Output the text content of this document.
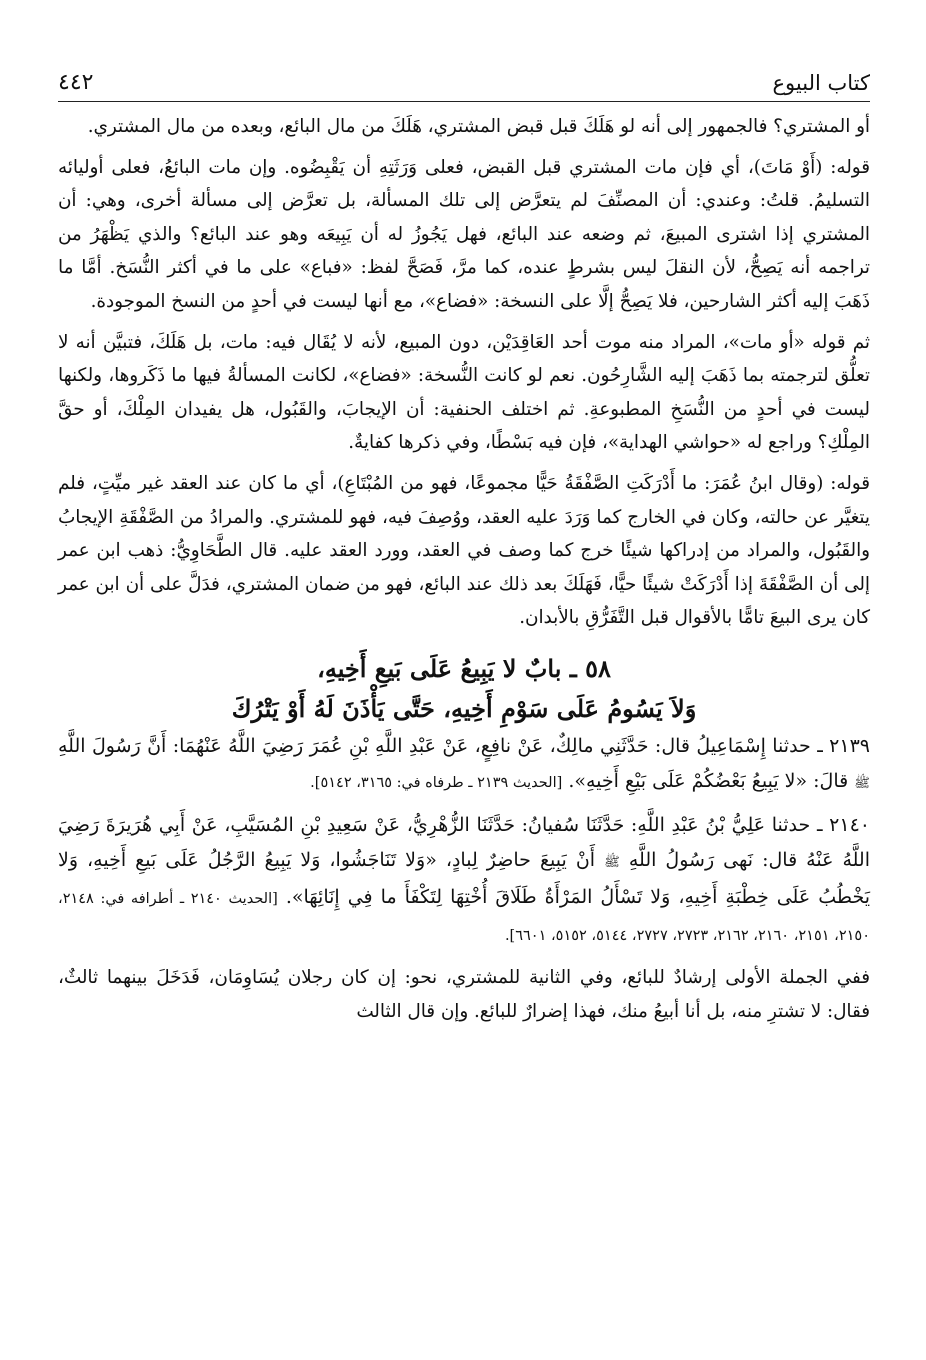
٤٤٢	كتاب البيوع

أو المشتري؟ فالجمهور إلى أنه لو هَلَكَ قبل قبض المشتري، هَلَكَ من مال البائع، وبعده من مال المشتري.

قوله: (أَوْ مَاتَ)، أي فإن مات المشتري قبل القبض، فعلى وَرَثَتِهِ أن يَقْبِضُوه. وإن مات البائعُ، فعلى أوليائه التسليمُ. قلتُ: وعندي: أن المصنِّفَ لم يتعرَّض إلى تلك المسألة، بل تعرَّض إلى مسألة أخرى، وهي: أن المشتري إذا اشترى المبيعَ، ثم وضعه عند البائع، فهل يَجُوزُ له أن يَبِيعَه وهو عند البائع؟ والذي يَظْهَرُ من تراجمه أنه يَصِحُّ، لأن النقلَ ليس بشرطٍ عنده، كما مرَّ، فَصَحَّ لفظ: «فباع» على ما في أكثر النُّسَخ. أمَّا ما ذَهَبَ إليه أكثر الشارحين، فلا يَصِحُّ إلَّا على النسخة: «فضاع»، مع أنها ليست في أحدٍ من النسخ الموجودة.

ثم قوله «أو مات»، المراد منه موت أحد العَاقِدَيْن، دون المبيع، لأنه لا يُقَال فيه: مات، بل هَلَكَ، فتبيَّن أنه لا تعلُّق لترجمته بما ذَهَبَ إليه الشَّارِحُون. نعم لو كانت النُّسخة: «فضاع»، لكانت المسألةُ فيها ما ذَكَروها، ولكنها ليست في أحدٍ من النُّسَخِ المطبوعةِ. ثم اختلف الحنفية: أن الإيجابَ، والقَبُول، هل يفيدان المِلْكَ، أو حقَّ المِلْكِ؟ وراجع له «حواشي الهداية»، فإن فيه بَسْطًا، وفي ذكرها كفايةٌ.

قوله: (وقال ابنُ عُمَرَ: ما أَدْرَكَتِ الصَّفْقَةُ حَيًّا مجموعًا، فهو من المُبْتَاعِ)، أي ما كان عند العقد غير ميِّتٍ، فلم يتغيَّر عن حالته، وكان في الخارج كما وَرَدَ عليه العقد، ووُصِفَ فيه، فهو للمشتري. والمرادُ من الصَّفْقَةِ الإيجابُ والقَبُول، والمراد من إدراكها شيئًا خرج كما وصف في العقد، وورد العقد عليه. قال الطَّحَاوِيُّ: ذهب ابن عمر إلى أن الصَّفْقَةَ إذا أَدْرَكَتْ شيئًا حيًّا، فَهَلَكَ بعد ذلك عند البائع، فهو من ضمان المشتري، فدَلَّ على أن ابن عمر كان يرى البيعَ تامًّا بالأقوال قبل التَّفَرُّقِ بالأبدان.

٥٨ ـ بابٌ لا يَبِيعُ عَلَى بَيعِ أَخِيهِ،
وَلاَ يَسُومُ عَلَى سَوْمِ أَخِيهِ، حَتَّى يَأْذَنَ لَهُ أَوْ يَتْرُكَ

٢١٣٩ ـ حدثنا إِسْمَاعِيلُ قال: حَدَّثَنِي مالِكٌ، عَنْ نافِعٍ، عَنْ عَبْدِ اللَّهِ بْنِ عُمَرَ رَضِيَ اللَّهُ عَنْهُمَا: أَنَّ رَسُولَ اللَّهِ ﷺ قالَ: «لا يَبِيعُ بَعْضُكُمْ عَلَى بَيْعِ أَخِيهِ». [الحديث ٢١٣٩ ـ طرفاه في: ٣١٦٥، ٥١٤٢].

٢١٤٠ ـ حدثنا عَلِيُّ بْنُ عَبْدِ اللَّهِ: حَدَّثَنَا سُفيانُ: حَدَّثَنَا الزُّهْرِيُّ، عَنْ سَعِيدِ بْنِ المُسَيَّبِ، عَنْ أَبِي هُرَيرَةَ رَضِيَ اللَّهُ عَنْهُ قال: نَهى رَسُولُ اللَّهِ ﷺ أَنْ يَبِيعَ حاضِرٌ لِبادٍ، «وَلا تَنَاجَشُوا، وَلا يَبِيعُ الرَّجُلُ عَلَى بَيعِ أَخِيهِ، وَلا يَخْطُبُ عَلَى خِطْبَةِ أَخِيهِ، وَلا تَسْأَلُ المَرْأَةُ طَلَاقَ أُخْتِهَا لِتَكْفَأَ ما فِي إِنَائِهَا». [الحديث ٢١٤٠ ـ أطرافه في: ٢١٤٨، ٢١٥٠، ٢١٥١، ٢١٦٠، ٢١٦٢، ٢٧٢٣، ٢٧٢٧، ٥١٤٤، ٥١٥٢، ٦٦٠١].

ففي الجملة الأولى إرشادٌ للبائع، وفي الثانية للمشتري، نحو: إن كان رجلان يُسَاوِمَان، فَدَخَلَ بينهما ثالثٌ، فقال: لا تشترِ منه، بل أنا أبيعُ منك، فهذا إضرارٌ للبائع. وإن قال الثالث
